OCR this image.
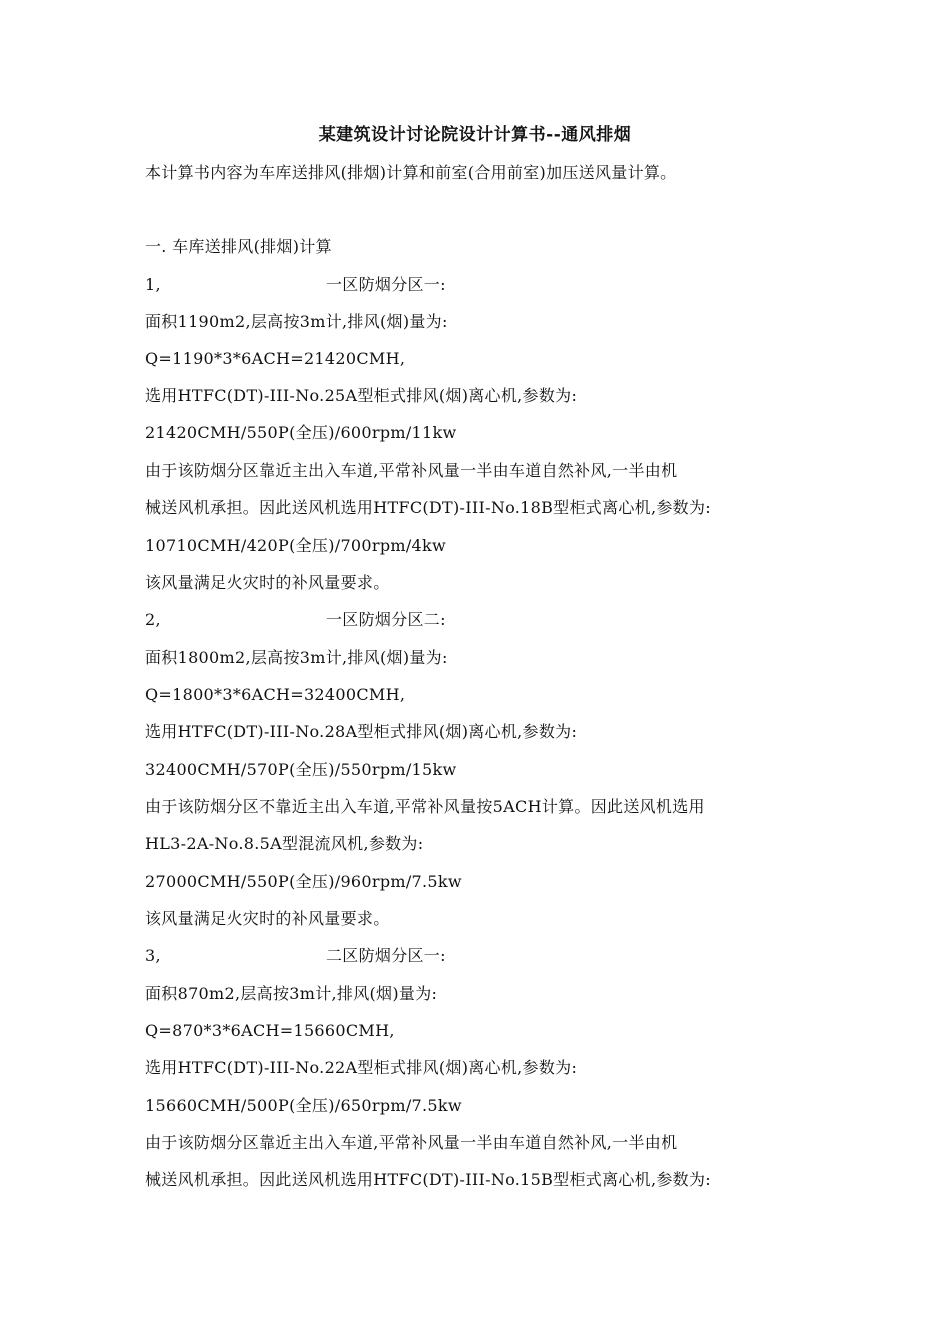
某建筑设计讨论院设计计算书--通风排烟
本计算书内容为车库送排风(排烟)计算和前室(合用前室)加压送风量计算。
一. 车库送排风(排烟)计算
1,	一区防烟分区一:
面积1190m2,层高按3m计,排风(烟)量为:
Q=1190*3*6ACH=21420CMH,
选用HTFC(DT)-III-No.25A型柜式排风(烟)离心机,参数为:
21420CMH/550P(全压)/600rpm/11kw
由于该防烟分区靠近主出入车道,平常补风量一半由车道自然补风,一半由机
械送风机承担。因此送风机选用HTFC(DT)-III-No.18B型柜式离心机,参数为:
10710CMH/420P(全压)/700rpm/4kw
该风量满足火灾时的补风量要求。
2,	一区防烟分区二:
面积1800m2,层高按3m计,排风(烟)量为:
Q=1800*3*6ACH=32400CMH,
选用HTFC(DT)-III-No.28A型柜式排风(烟)离心机,参数为:
32400CMH/570P(全压)/550rpm/15kw
由于该防烟分区不靠近主出入车道,平常补风量按5ACH计算。因此送风机选用
HL3-2A-No.8.5A型混流风机,参数为:
27000CMH/550P(全压)/960rpm/7.5kw
该风量满足火灾时的补风量要求。
3,	二区防烟分区一:
面积870m2,层高按3m计,排风(烟)量为:
Q=870*3*6ACH=15660CMH,
选用HTFC(DT)-III-No.22A型柜式排风(烟)离心机,参数为:
15660CMH/500P(全压)/650rpm/7.5kw
由于该防烟分区靠近主出入车道,平常补风量一半由车道自然补风,一半由机
械送风机承担。因此送风机选用HTFC(DT)-III-No.15B型柜式离心机,参数为:
